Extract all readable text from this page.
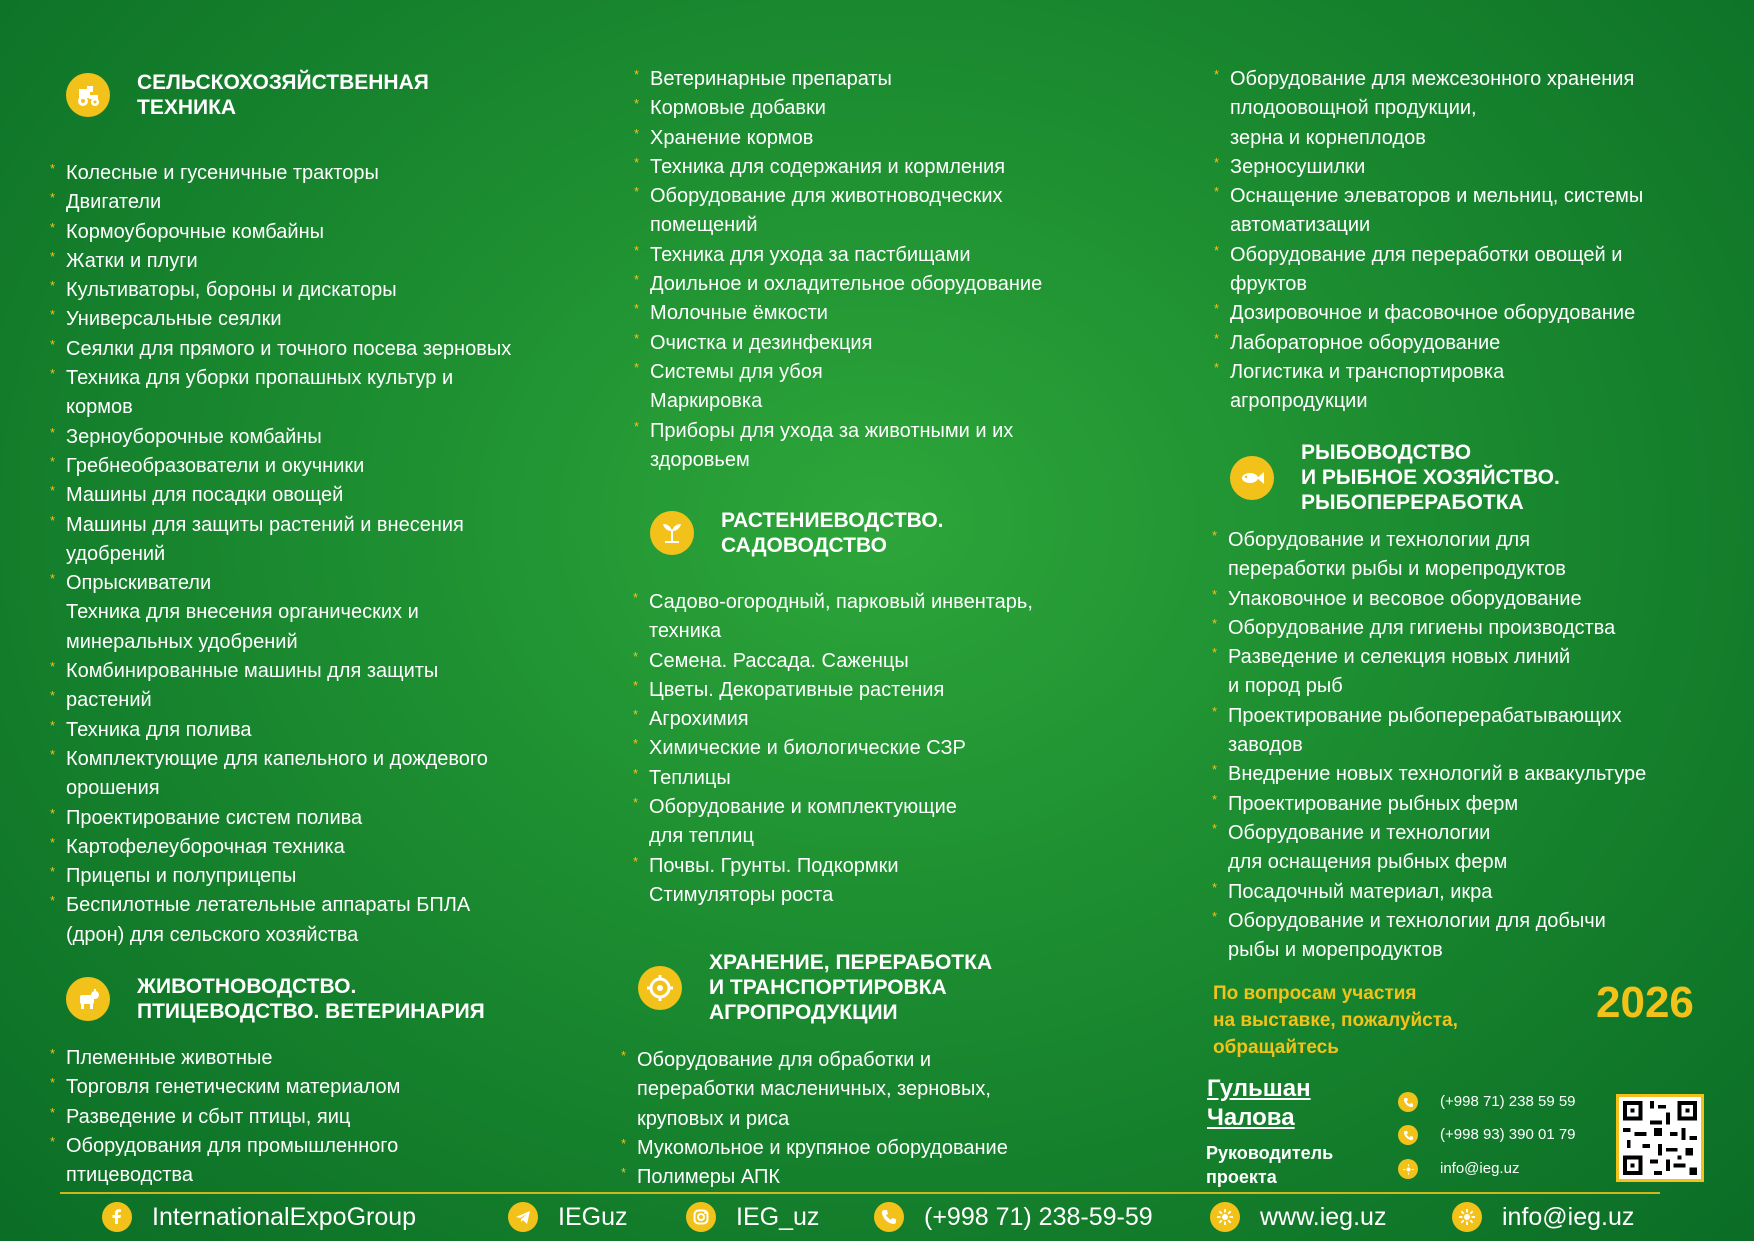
СЕЛЬСКОХОЗЯЙСТВЕННАЯ
ТЕХНИКА
* Колесные и гусеничные тракторы
* Двигатели
* Кормоуборочные комбайны
* Жатки и плуги
* Культиваторы, бороны и дискаторы
* Универсальные сеялки
* Сеялки для прямого и точного посева зерновых
* Техника для уборки пропашных культур и
кормов
* Зерноуборочные комбайны
* Гребнеобразователи и окучники
* Машины для посадки овощей
* Машины для защиты растений и внесения
удобрений
* Опрыскиватели
Техника для внесения органических и
минеральных удобрений
* Комбинированные машины для защиты
* растений
* Техника для полива
* Комплектующие для капельного и дождевого
орошения
* Проектирование систем полива
* Картофелеуборочная техника
* Прицепы и полуприцепы
* Беспилотные летательные аппараты БПЛА
(дрон) для сельского хозяйства
ЖИВОТНОВОДСТВО.
ПТИЦЕВОДСТВО. ВЕТЕРИНАРИЯ
* Племенные животные
* Торговля генетическим материалом
* Разведение и сбыт птицы, яиц
* Оборудования для промышленного
птицеводства
* Ветеринарные препараты
* Кормовые добавки
* Хранение кормов
* Техника для содержания и кормления
* Оборудование для животноводческих
помещений
* Техника для ухода за пастбищами
* Доильное и охладительное оборудование
* Молочные ёмкости
* Очистка и дезинфекция
* Системы для убоя
Маркировка
* Приборы для ухода за животными и их
здоровьем
РАСТЕНИЕВОДСТВО.
САДОВОДСТВО
* Садово-огородный, парковый инвентарь,
техника
* Семена. Рассада. Саженцы
* Цветы. Декоративные растения
* Агрохимия
* Химические и биологические СЗР
* Теплицы
* Оборудование и комплектующие
для теплиц
* Почвы. Грунты. Подкормки
Стимуляторы роста
ХРАНЕНИЕ, ПЕРЕРАБОТКА
И ТРАНСПОРТИРОВКА
АГРОПРОДУКЦИИ
* Оборудование для обработки и
переработки масленичных, зерновых,
круповых и риса
* Мукомольное и крупяное оборудование
* Полимеры АПК
* Оборудование для межсезонного хранения
плодоовощной продукции,
зерна и корнеплодов
* Зерносушилки
* Оснащение элеваторов и мельниц, системы
автоматизации
* Оборудование для переработки овощей и
фруктов
* Дозировочное и фасовочное оборудование
* Лабораторное оборудование
* Логистика и транспортировка
агропродукции
РЫБОВОДСТВО
И РЫБНОЕ ХОЗЯЙСТВО.
РЫБОПЕРЕРАБОТКА
* Оборудование и технологии для
переработки рыбы и морепродуктов
* Упаковочное и весовое оборудование
* Оборудование для гигиены производства
* Разведение и селекция новых линий
и пород рыб
* Проектирование рыбоперерабатывающих
заводов
* Внедрение новых технологий в аквакультуре
* Проектирование рыбных ферм
* Оборудование и технологии
для оснащения рыбных ферм
* Посадочный материал, икра
* Оборудование и технологии для добычи
рыбы и морепродуктов
По вопросам участия
на выставке, пожалуйста,
обращайтесь
2026
Гульшан
Чалова
Руководитель
проекта
(+998 71) 238 59 59
(+998 93) 390 01 79
info@ieg.uz
InternationalExpoGroup	IEGuz	IEG_uz	(+998 71) 238-59-59	www.ieg.uz	info@ieg.uz
